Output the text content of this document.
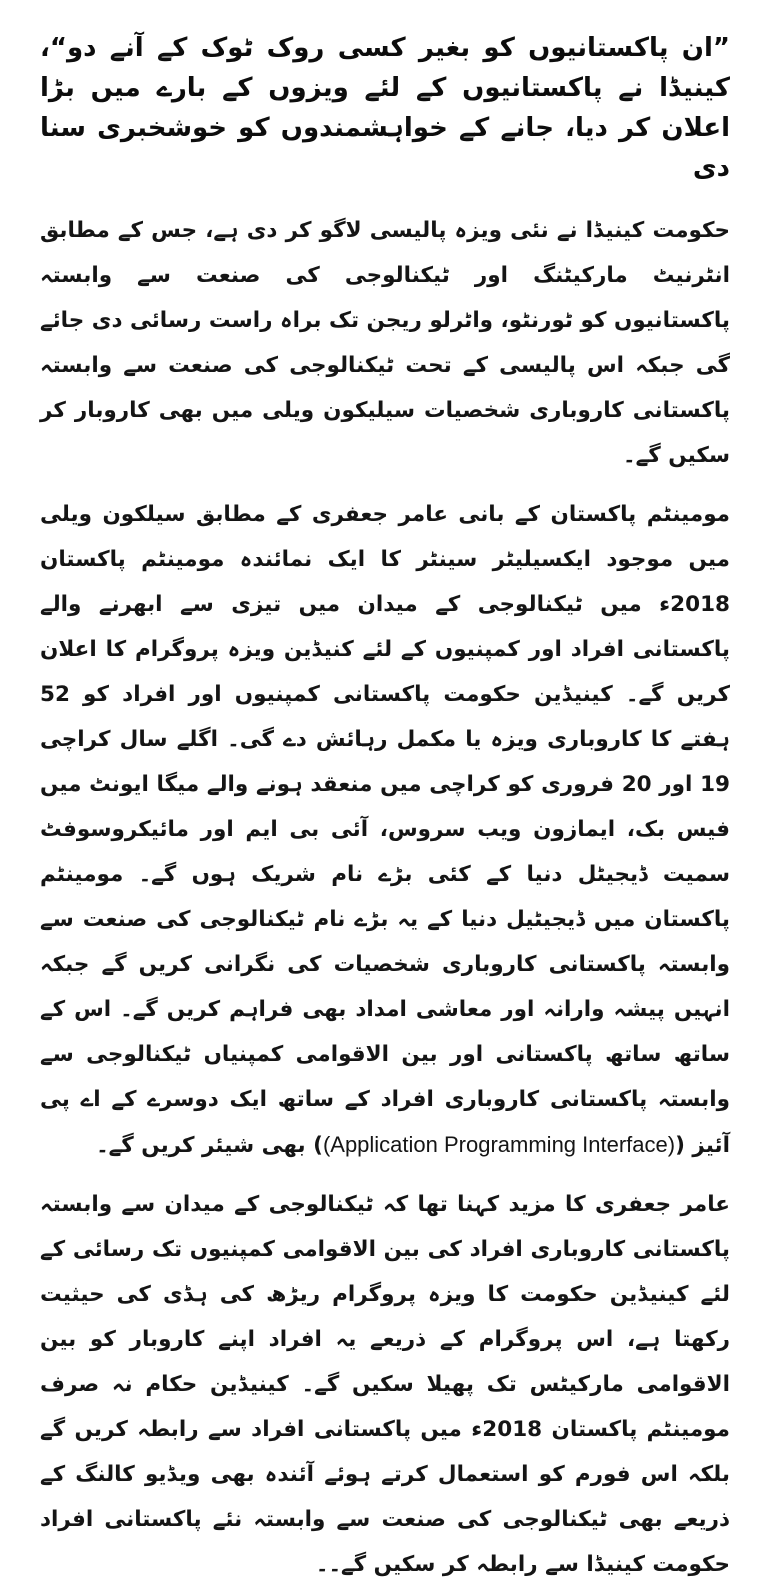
”ان پاکستانیوں کو بغیر کسی روک ٹوک کے آنے دو“، کینیڈا نے پاکستانیوں کے لئے ویزوں کے بارے میں بڑا اعلان کر دیا، جانے کے خواہشمندوں کو خوشخبری سنا دی

حکومت کینیڈا نے نئی ویزہ پالیسی لاگو کر دی ہے، جس کے مطابق انٹرنیٹ مارکیٹنگ اور ٹیکنالوجی کی صنعت سے وابستہ پاکستانیوں کو ٹورنٹو، واٹرلو ریجن تک براہ راست رسائی دی جائے گی جبکہ اس پالیسی کے تحت ٹیکنالوجی کی صنعت سے وابستہ پاکستانی کاروباری شخصیات سیلیکون ویلی میں بھی کاروبار کر سکیں گے۔

مومینٹم پاکستان کے بانی عامر جعفری کے مطابق سیلکون ویلی میں موجود ایکسیلیٹر سینٹر کا ایک نمائندہ مومینٹم پاکستان 2018ء میں ٹیکنالوجی کے میدان میں تیزی سے ابھرنے والے پاکستانی افراد اور کمپنیوں کے لئے کنیڈین ویزہ پروگرام کا اعلان کریں گے۔ کینیڈین حکومت پاکستانی کمپنیوں اور افراد کو 52 ہفتے کا کاروباری ویزہ یا مکمل رہائش دے گی۔ اگلے سال کراچی 19 اور 20 فروری کو کراچی میں منعقد ہونے والے میگا ایونٹ میں فیس بک، ایمازون ویب سروس، آئی بی ایم اور مائیکروسوفٹ سمیت ڈیجیٹل دنیا کے کئی بڑے نام شریک ہوں گے۔ مومینٹم پاکستان میں ڈیجیٹیل دنیا کے یہ بڑے نام ٹیکنالوجی کی صنعت سے وابستہ پاکستانی کاروباری شخصیات کی نگرانی کریں گے جبکہ انہیں پیشہ وارانہ اور معاشی امداد بھی فراہم کریں گے۔ اس کے ساتھ ساتھ پاکستانی اور بین الاقوامی کمپنیاں ٹیکنالوجی سے وابستہ پاکستانی کاروباری افراد کے ساتھ ایک دوسرے کے اے پی آئیز ((Application Programming Interface)) بھی شیئر کریں گے۔

عامر جعفری کا مزید کہنا تھا کہ ٹیکنالوجی کے میدان سے وابستہ پاکستانی کاروباری افراد کی بین الاقوامی کمپنیوں تک رسائی کے لئے کینیڈین حکومت کا ویزہ پروگرام ریڑھ کی ہڈی کی حیثیت رکھتا ہے، اس پروگرام کے ذریعے یہ افراد اپنے کاروبار کو بین الاقوامی مارکیٹس تک پھیلا سکیں گے۔ کینیڈین حکام نہ صرف مومینٹم پاکستان 2018ء میں پاکستانی افراد سے رابطہ کریں گے بلکہ اس فورم کو استعمال کرتے ہوئے آئندہ بھی ویڈیو کالنگ کے ذریعے بھی ٹیکنالوجی کی صنعت سے وابستہ نئے پاکستانی افراد حکومت کینیڈا سے رابطہ کر سکیں گے۔۔
